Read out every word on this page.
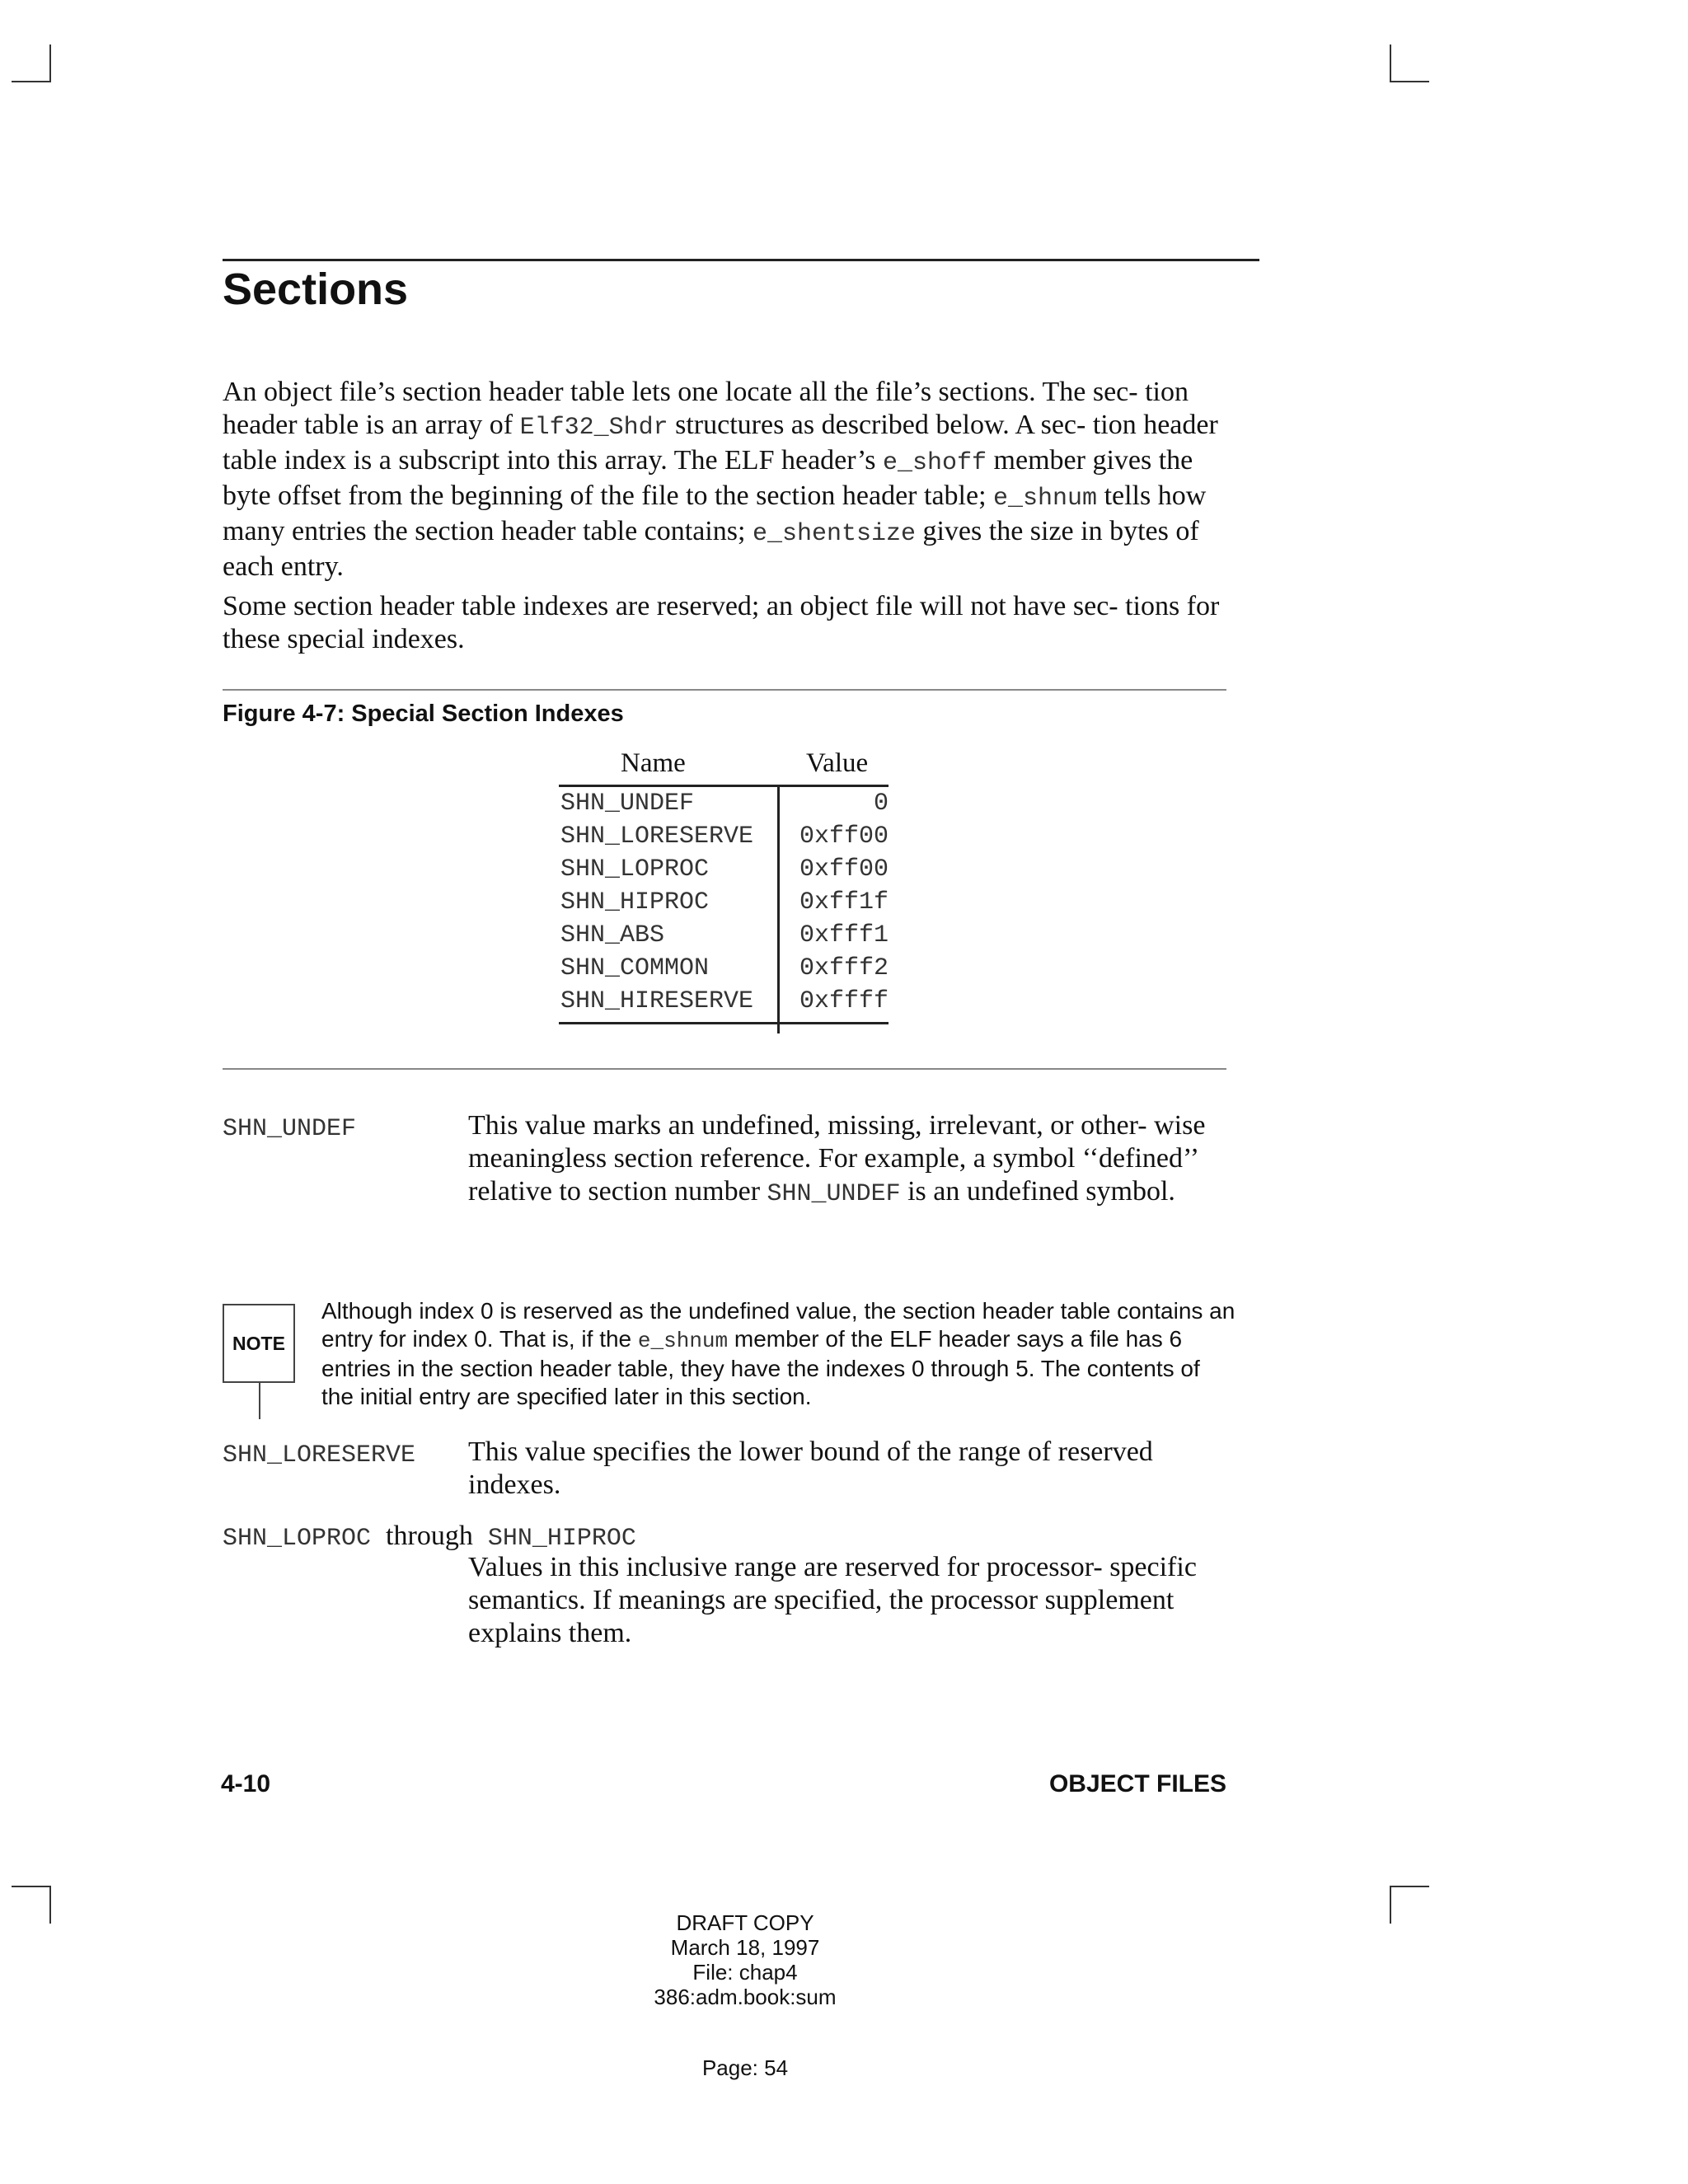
Sections

An object file’s section header table lets one locate all the file’s sections. The sec- tion header table is an array of Elf32_Shdr structures as described below. A sec- tion header table index is a subscript into this array. The ELF header’s e_shoff member gives the byte offset from the beginning of the file to the section header table; e_shnum tells how many entries the section header table contains; e_shentsize gives the size in bytes of each entry.

Some section header table indexes are reserved; an object file will not have sec- tions for these special indexes.

Figure 4-7: Special Section Indexes
Name	Value
SHN_UNDEF	0
SHN_LORESERVE 0xff00
SHN_LOPROC	0xff00
SHN_HIPROC	0xff1f
SHN_ABS	0xfff1
SHN_COMMON	0xfff2
SHN_HIRESERVE 0xffff
SHN_UNDEF	This value marks an undefined, missing, irrelevant, or other- wise meaningless section reference. For example, a symbol ‘‘defined’’ relative to section number SHN_UNDEF is an undefined symbol.

NOTE

Although index 0 is reserved as the undefined value, the section header table contains an entry for index 0. That is, if the e_shnum member of the ELF header says a file has 6 entries in the section header table, they have the indexes 0 through 5. The contents of the initial entry are specified later in this section.

SHN_LORESERVE This value specifies the lower bound of the range of reserved indexes.

SHN_LOPROC through SHN_HIPROC

Values in this inclusive range are reserved for processor- specific semantics. If meanings are specified, the processor supplement explains them.

4-10	OBJECT FILES
DRAFT COPY
March 18, 1997
File: chap4
386:adm.book:sum
Page: 54
